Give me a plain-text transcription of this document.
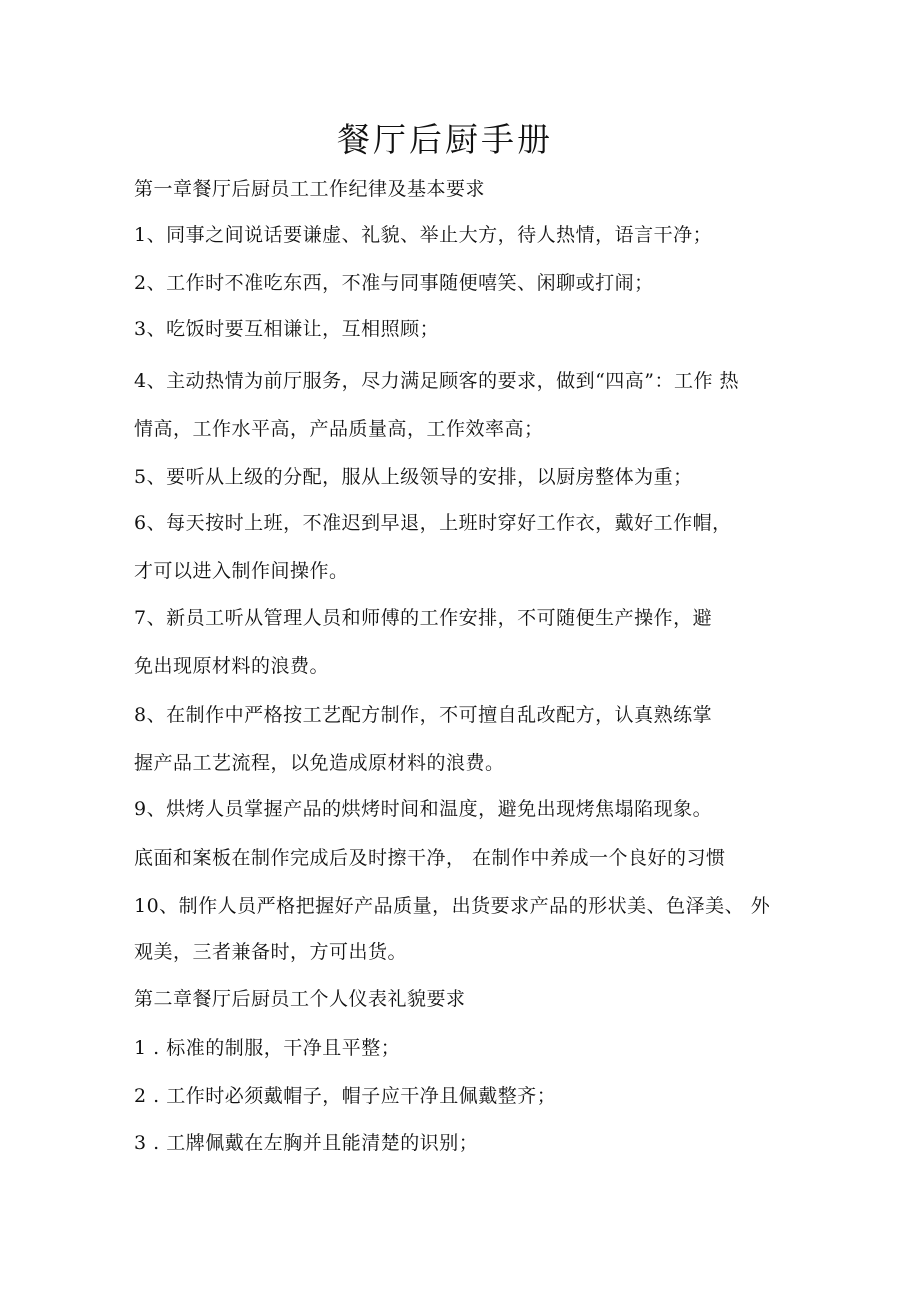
餐厅后厨手册
第一章餐厅后厨员工工作纪律及基本要求
1、同事之间说话要谦虚、礼貌、举止大方，待人热情，语言干净；
2、工作时不准吃东西，不准与同事随便嘻笑、闲聊或打闹；
3、吃饭时要互相谦让，互相照顾；
4、主动热情为前厅服务，尽力满足顾客的要求，做到“四高”：工作 热
情高，工作水平高，产品质量高，工作效率高；
5、要听从上级的分配，服从上级领导的安排，以厨房整体为重；
6、每天按时上班，不准迟到早退，上班时穿好工作衣，戴好工作帽，
才可以进入制作间操作。
7、新员工听从管理人员和师傅的工作安排，不可随便生产操作，避
免出现原材料的浪费。
8、在制作中严格按工艺配方制作，不可擅自乱改配方，认真熟练掌
握产品工艺流程，以免造成原材料的浪费。
9、烘烤人员掌握产品的烘烤时间和温度，避免出现烤焦塌陷现象。
底面和案板在制作完成后及时擦干净， 在制作中养成一个良好的习惯
10、制作人员严格把握好产品质量，出货要求产品的形状美、色泽美、 外
观美，三者兼备时，方可出货。
第二章餐厅后厨员工个人仪表礼貌要求
1 . 标准的制服，干净且平整；
2 . 工作时必须戴帽子，帽子应干净且佩戴整齐；
3 . 工牌佩戴在左胸并且能清楚的识别；
